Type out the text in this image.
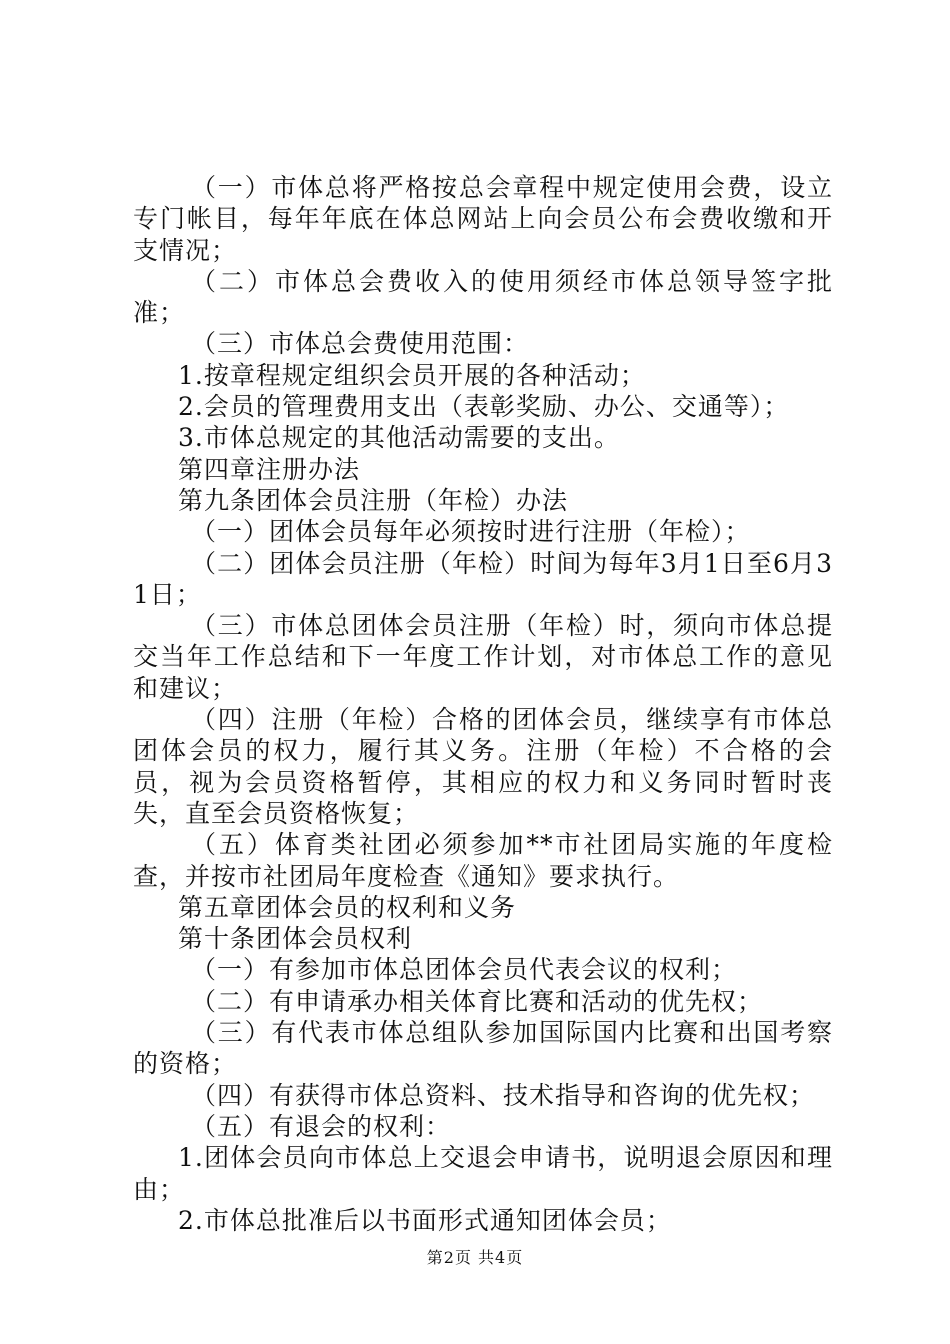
（一）市体总将严格按总会章程中规定使用会费，设立专门帐目，每年年底在体总网站上向会员公布会费收缴和开支情况；

（二）市体总会费收入的使用须经市体总领导签字批准；

（三）市体总会费使用范围：

1.按章程规定组织会员开展的各种活动；

2.会员的管理费用支出（表彰奖励、办公、交通等）；

3.市体总规定的其他活动需要的支出。

第四章注册办法

第九条团体会员注册（年检）办法

（一）团体会员每年必须按时进行注册（年检）；

（二）团体会员注册（年检）时间为每年3月1日至6月31日；

（三）市体总团体会员注册（年检）时，须向市体总提交当年工作总结和下一年度工作计划，对市体总工作的意见和建议；

（四）注册（年检）合格的团体会员，继续享有市体总团体会员的权力，履行其义务。注册（年检）不合格的会员，视为会员资格暂停，其相应的权力和义务同时暂时丧失，直至会员资格恢复；

（五）体育类社团必须参加**市社团局实施的年度检查，并按市社团局年度检查《通知》要求执行。

第五章团体会员的权利和义务

第十条团体会员权利

（一）有参加市体总团体会员代表会议的权利；

（二）有申请承办相关体育比赛和活动的优先权；

（三）有代表市体总组队参加国际国内比赛和出国考察的资格；

（四）有获得市体总资料、技术指导和咨询的优先权；

（五）有退会的权利：

1.团体会员向市体总上交退会申请书，说明退会原因和理由；

2.市体总批准后以书面形式通知团体会员；

第2页 共4页
